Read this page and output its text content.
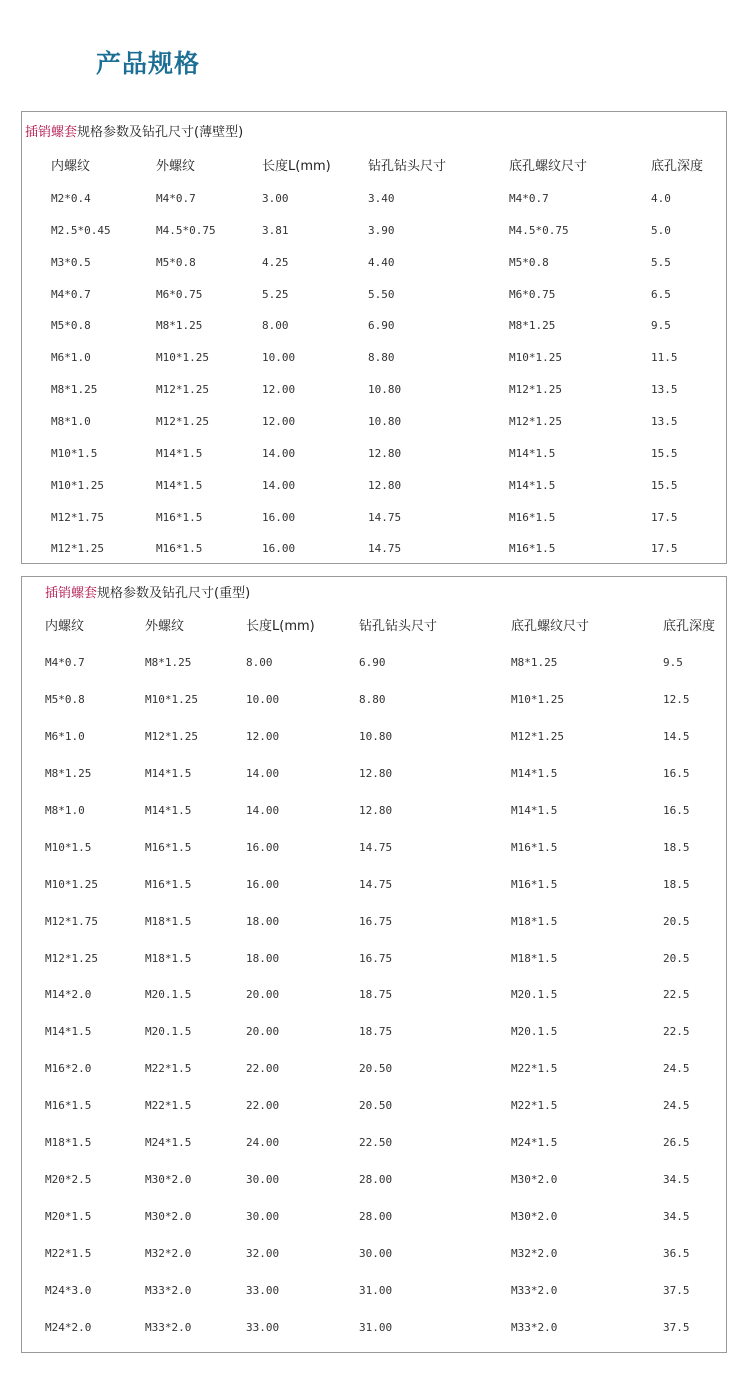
产品规格
插销螺套规格参数及钻孔尺寸(薄壁型)
内螺纹	外螺纹	长度L(mm)	钻孔钻头尺寸	底孔螺纹尺寸	底孔深度
M2*0.4	M4*0.7	3.00	3.40	M4*0.7	4.0
M2.5*0.45	M4.5*0.75	3.81	3.90	M4.5*0.75	5.0
M3*0.5	M5*0.8	4.25	4.40	M5*0.8	5.5
M4*0.7	M6*0.75	5.25	5.50	M6*0.75	6.5
M5*0.8	M8*1.25	8.00	6.90	M8*1.25	9.5
M6*1.0	M10*1.25	10.00	8.80	M10*1.25	11.5
M8*1.25	M12*1.25	12.00	10.80	M12*1.25	13.5
M8*1.0	M12*1.25	12.00	10.80	M12*1.25	13.5
M10*1.5	M14*1.5	14.00	12.80	M14*1.5	15.5
M10*1.25	M14*1.5	14.00	12.80	M14*1.5	15.5
M12*1.75	M16*1.5	16.00	14.75	M16*1.5	17.5
M12*1.25	M16*1.5	16.00	14.75	M16*1.5	17.5
插销螺套规格参数及钻孔尺寸(重型)
内螺纹	外螺纹	长度L(mm)	钻孔钻头尺寸	底孔螺纹尺寸	底孔深度
M4*0.7	M8*1.25	8.00	6.90	M8*1.25	9.5
M5*0.8	M10*1.25	10.00	8.80	M10*1.25	12.5
M6*1.0	M12*1.25	12.00	10.80	M12*1.25	14.5
M8*1.25	M14*1.5	14.00	12.80	M14*1.5	16.5
M8*1.0	M14*1.5	14.00	12.80	M14*1.5	16.5
M10*1.5	M16*1.5	16.00	14.75	M16*1.5	18.5
M10*1.25	M16*1.5	16.00	14.75	M16*1.5	18.5
M12*1.75	M18*1.5	18.00	16.75	M18*1.5	20.5
M12*1.25	M18*1.5	18.00	16.75	M18*1.5	20.5
M14*2.0	M20.1.5	20.00	18.75	M20.1.5	22.5
M14*1.5	M20.1.5	20.00	18.75	M20.1.5	22.5
M16*2.0	M22*1.5	22.00	20.50	M22*1.5	24.5
M16*1.5	M22*1.5	22.00	20.50	M22*1.5	24.5
M18*1.5	M24*1.5	24.00	22.50	M24*1.5	26.5
M20*2.5	M30*2.0	30.00	28.00	M30*2.0	34.5
M20*1.5	M30*2.0	30.00	28.00	M30*2.0	34.5
M22*1.5	M32*2.0	32.00	30.00	M32*2.0	36.5
M24*3.0	M33*2.0	33.00	31.00	M33*2.0	37.5
M24*2.0	M33*2.0	33.00	31.00	M33*2.0	37.5
